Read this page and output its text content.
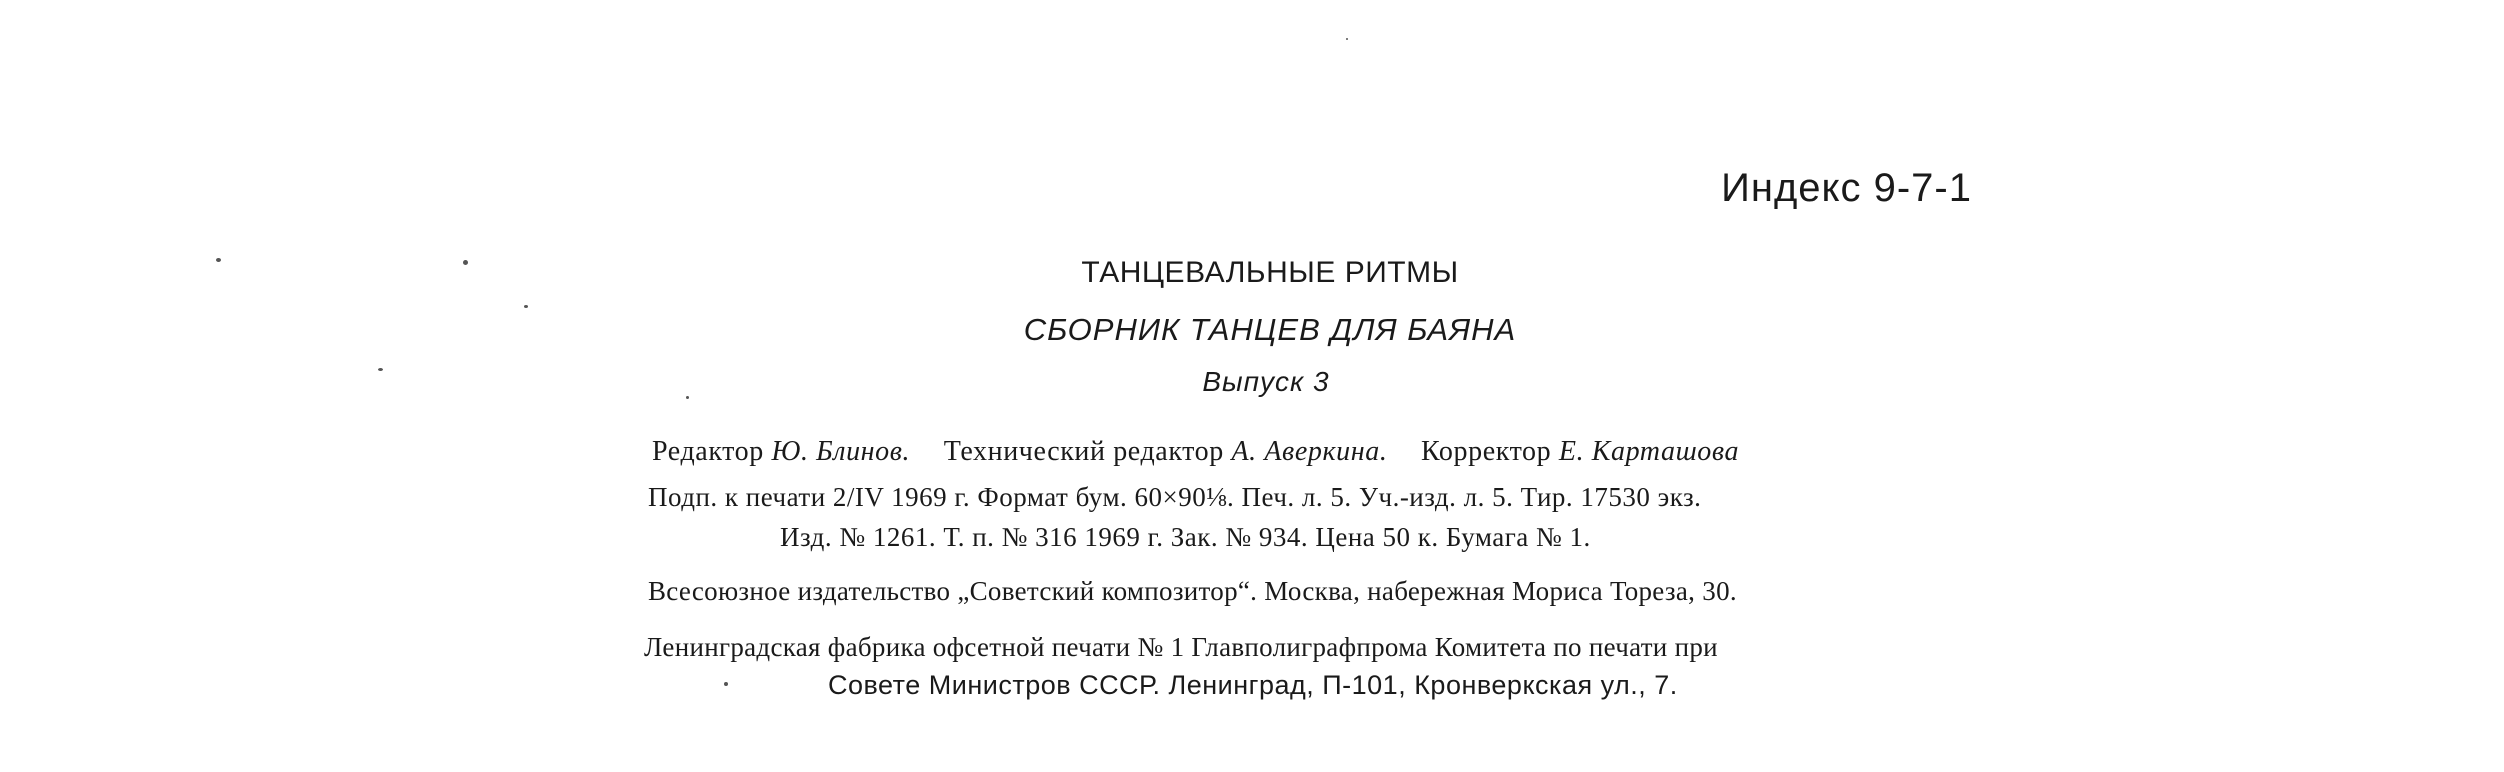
Индекс 9-7-1
ТАНЦЕВАЛЬНЫЕ РИТМЫ
СБОРНИК ТАНЦЕВ ДЛЯ БАЯНА
Выпуск 3
Редактор Ю. Блинов. Технический редактор А. Аверкина. Корректор Е. Карташова
Подп. к печати 2/IV 1969 г. Формат бум. 60×90⅛. Печ. л. 5. Уч.-изд. л. 5. Тир. 17530 экз.
Изд. № 1261. Т. п. № 316 1969 г. Зак. № 934. Цена 50 к. Бумага № 1.
Всесоюзное издательство „Советский композитор“. Москва, набережная Мориса Тореза, 30.
Ленинградская фабрика офсетной печати № 1 Главполиграфпрома Комитета по печати при
Совете Министров СССР. Ленинград, П-101, Кронверкская ул., 7.
